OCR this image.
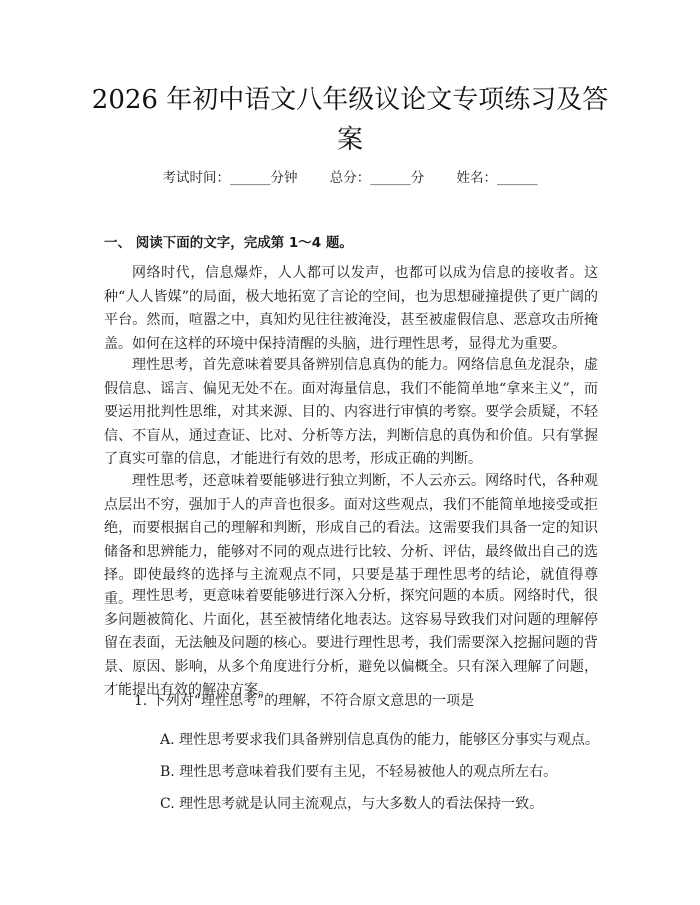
2026 年初中语文八年级议论文专项练习及答案
考试时间：______分钟 总分：______分 姓名：______
一、 阅读下面的文字，完成第 1～4 题。

网络时代，信息爆炸，人人都可以发声，也都可以成为信息的接收者。这种“人人皆媒”的局面，极大地拓宽了言论的空间，也为思想碰撞提供了更广阔的平台。然而，喧嚣之中，真知灼见往往被淹没，甚至被虚假信息、恶意攻击所掩盖。如何在这样的环境中保持清醒的头脑，进行理性思考，显得尤为重要。

理性思考，首先意味着要具备辨别信息真伪的能力。网络信息鱼龙混杂，虚假信息、谣言、偏见无处不在。面对海量信息，我们不能简单地“拿来主义”，而要运用批判性思维，对其来源、目的、内容进行审慎的考察。要学会质疑，不轻信、不盲从，通过查证、比对、分析等方法，判断信息的真伪和价值。只有掌握了真实可靠的信息，才能进行有效的思考，形成正确的判断。

理性思考，还意味着要能够进行独立判断，不人云亦云。网络时代，各种观点层出不穷，强加于人的声音也很多。面对这些观点，我们不能简单地接受或拒绝，而要根据自己的理解和判断，形成自己的看法。这需要我们具备一定的知识储备和思辨能力，能够对不同的观点进行比较、分析、评估，最终做出自己的选择。即使最终的选择与主流观点不同，只要是基于理性思考的结论，就值得尊重。 理性思考，更意味着要能够进行深入分析，探究问题的本质。网络时代，很多问题被简化、片面化，甚至被情绪化地表达。这容易导致我们对问题的理解停留在表面，无法触及问题的核心。要进行理性思考，我们需要深入挖掘问题的背景、原因、影响，从多个角度进行分析，避免以偏概全。只有深入理解了问题，才能提出有效的解决方案。

1. 下列对“理性思考”的理解，不符合原文意思的一项是
A. 理性思考要求我们具备辨别信息真伪的能力，能够区分事实与观点。
B. 理性思考意味着我们要有主见，不轻易被他人的观点所左右。
C. 理性思考就是认同主流观点，与大多数人的看法保持一致。
